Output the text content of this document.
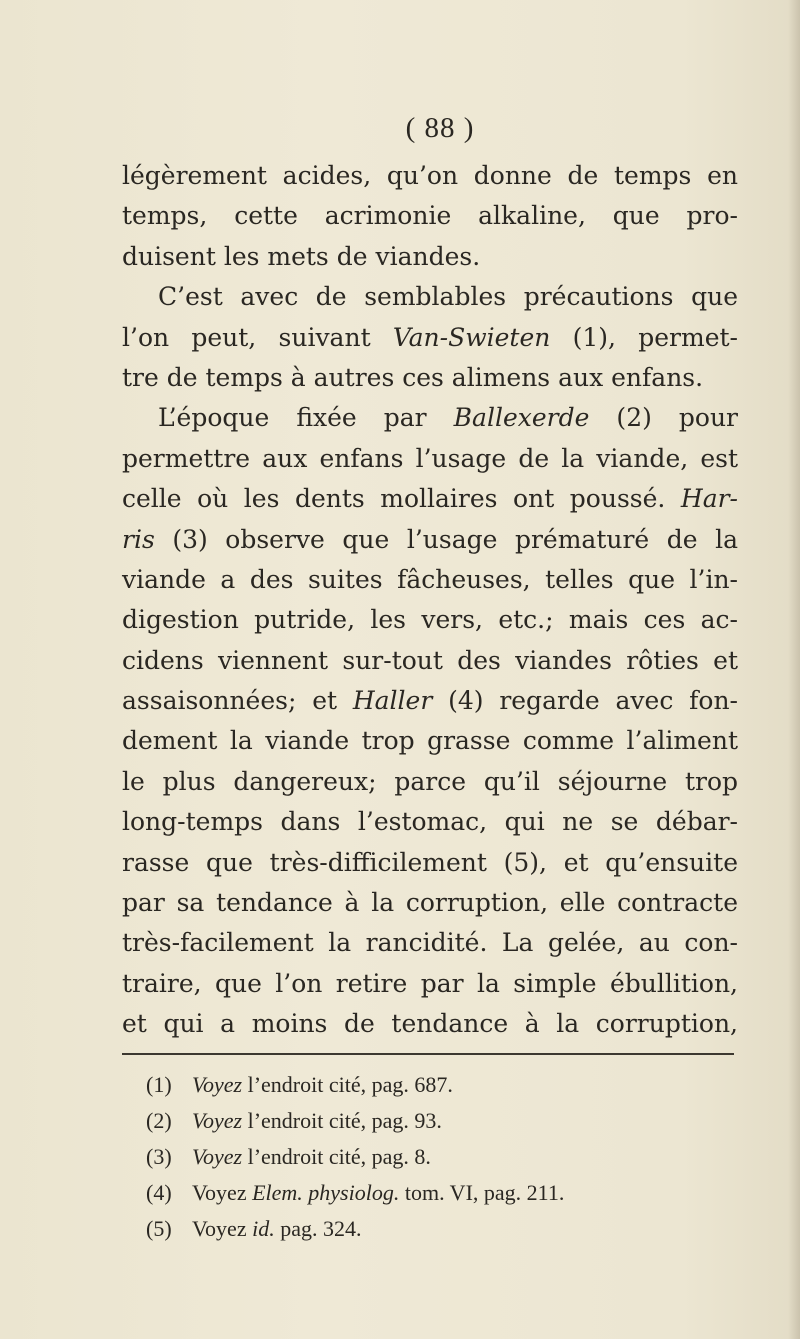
( 88 )
légèrement acides, qu’on donne de temps en
temps, cette acrimonie alkaline, que pro-
duisent les mets de viandes.
C’est avec de semblables précautions que
l’on peut, suivant Van-Swieten (1), permet-
tre de temps à autres ces alimens aux enfans.
L’époque fixée par Ballexerde (2) pour
permettre aux enfans l’usage de la viande, est
celle où les dents mollaires ont poussé. Har-
ris (3) observe que l’usage prématuré de la
viande a des suites fâcheuses, telles que l’in-
digestion putride, les vers, etc.; mais ces ac-
cidens viennent sur-tout des viandes rôties et
assaisonnées; et Haller (4) regarde avec fon-
dement la viande trop grasse comme l’aliment
le plus dangereux; parce qu’il séjourne trop
long-temps dans l’estomac, qui ne se débar-
rasse que très-difficilement (5), et qu’ensuite
par sa tendance à la corruption, elle contracte
très-facilement la rancidité. La gelée, au con-
traire, que l’on retire par la simple ébullition,
et qui a moins de tendance à la corruption,
(1) Voyez l’endroit cité, pag. 687.
(2) Voyez l’endroit cité, pag. 93.
(3) Voyez l’endroit cité, pag. 8.
(4) Voyez Elem. physiolog. tom. VI, pag. 211.
(5) Voyez id. pag. 324.
